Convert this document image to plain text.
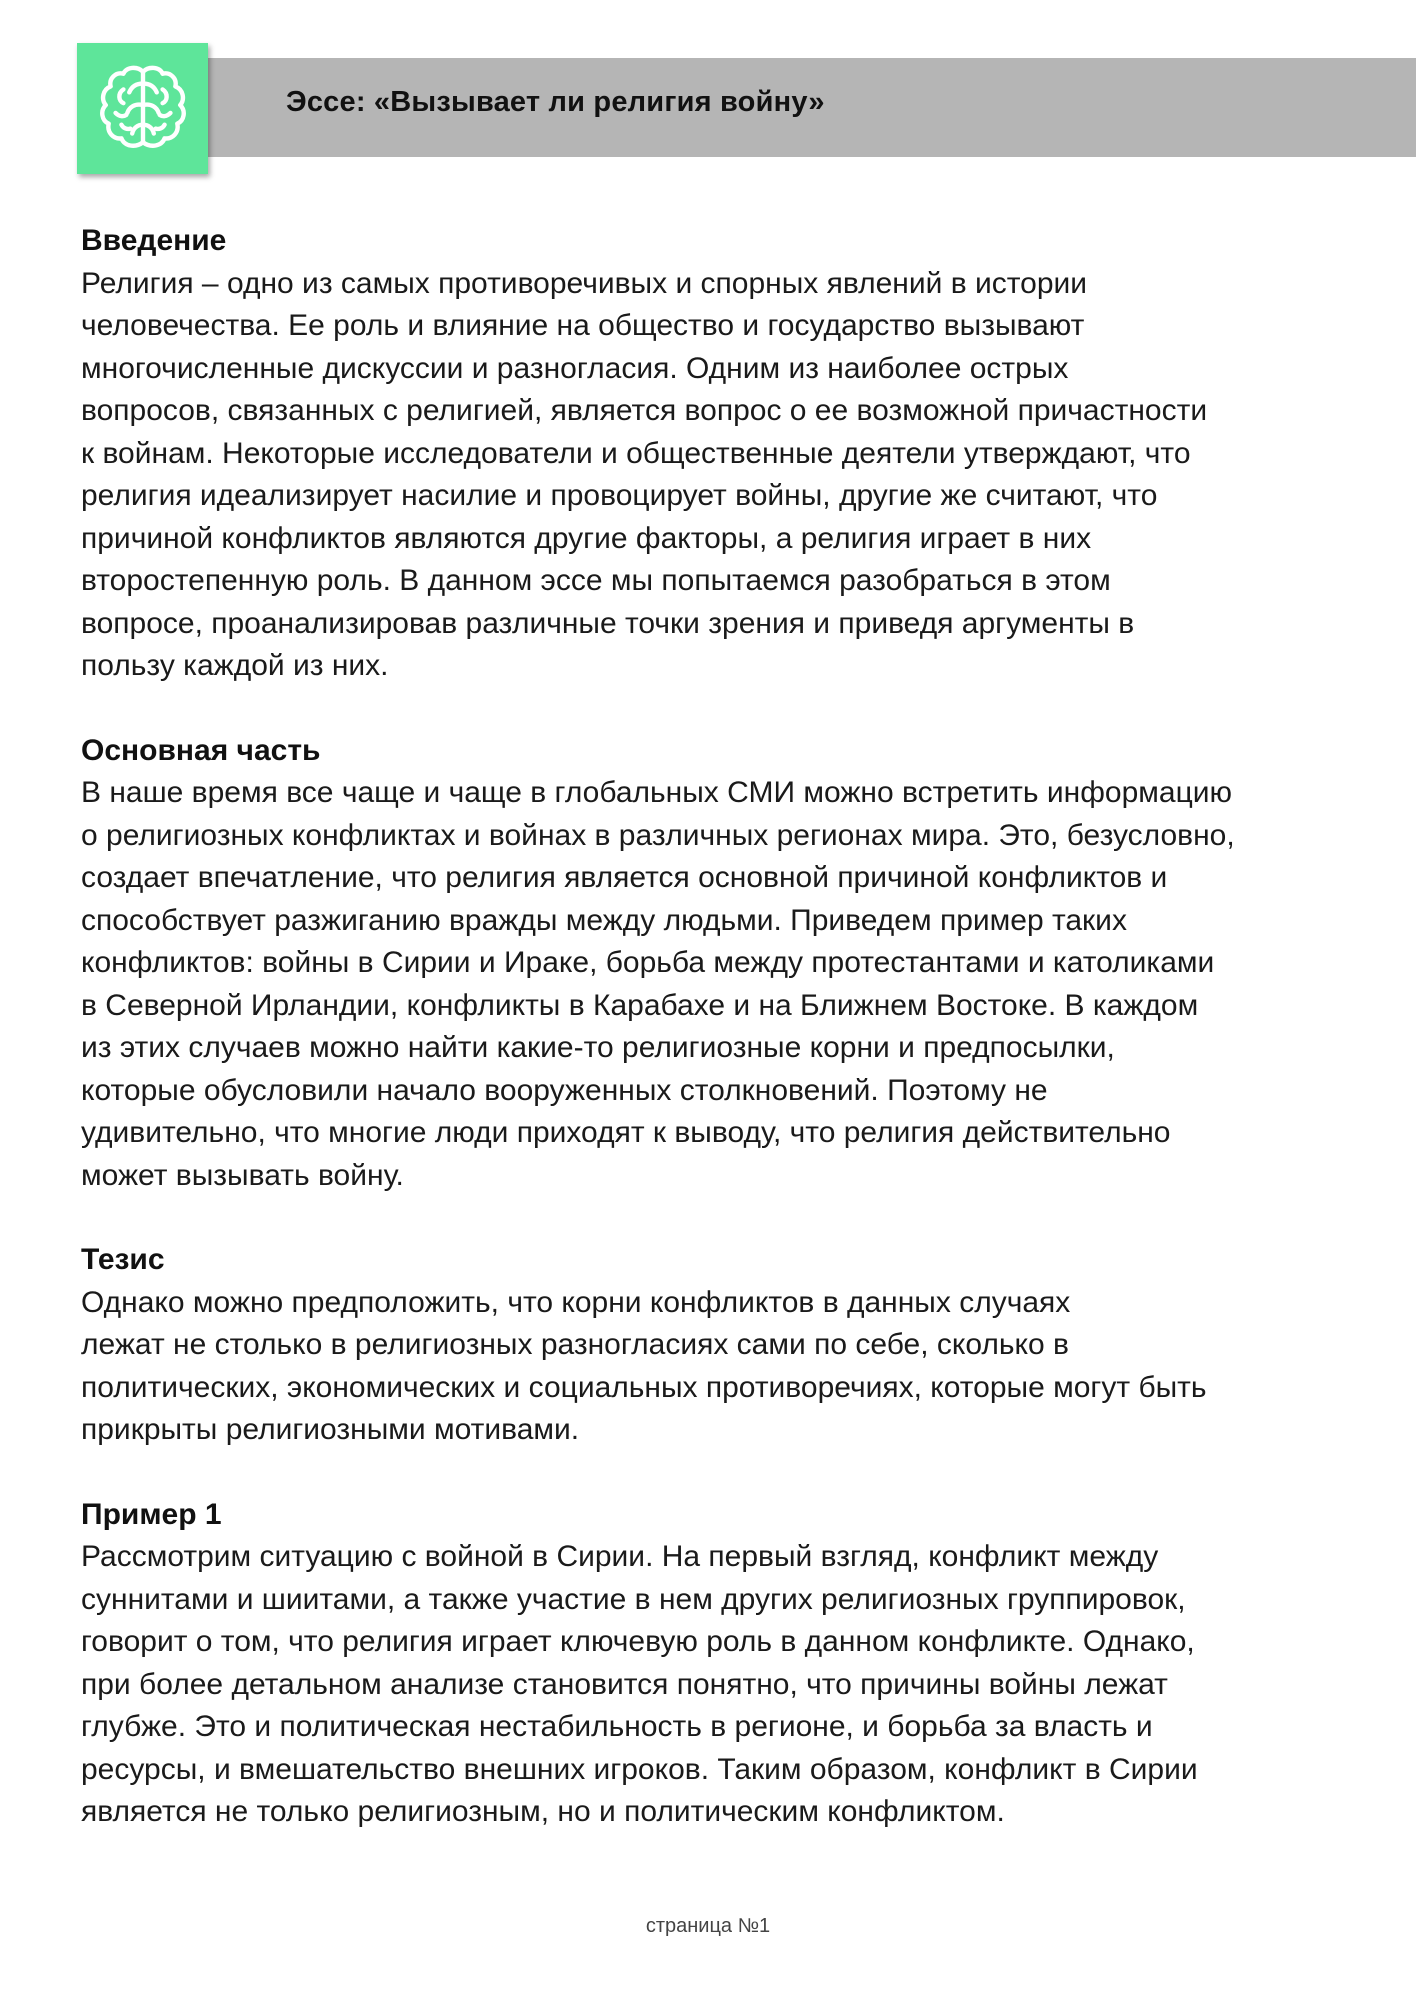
Эссе: «Вызывает ли религия войну»
Введение

Религия – одно из самых противоречивых и спорных явлений в истории
человечества. Ее роль и влияние на общество и государство вызывают
многочисленные дискуссии и разногласия. Одним из наиболее острых
вопросов, связанных с религией, является вопрос о ее возможной причастности
к войнам. Некоторые исследователи и общественные деятели утверждают, что
религия идеализирует насилие и провоцирует войны, другие же считают, что
причиной конфликтов являются другие факторы, а религия играет в них
второстепенную роль. В данном эссе мы попытаемся разобраться в этом
вопросе, проанализировав различные точки зрения и приведя аргументы в
пользу каждой из них.

Основная часть

В наше время все чаще и чаще в глобальных СМИ можно встретить информацию
о религиозных конфликтах и войнах в различных регионах мира. Это, безусловно,
создает впечатление, что религия является основной причиной конфликтов и
способствует разжиганию вражды между людьми. Приведем пример таких
конфликтов: войны в Сирии и Ираке, борьба между протестантами и католиками
в Северной Ирландии, конфликты в Карабахе и на Ближнем Востоке. В каждом
из этих случаев можно найти какие-то религиозные корни и предпосылки,
которые обусловили начало вооруженных столкновений. Поэтому не
удивительно, что многие люди приходят к выводу, что религия действительно
может вызывать войну.

Тезис

Однако можно предположить, что корни конфликтов в данных случаях
лежат не столько в религиозных разногласиях сами по себе, сколько в
политических, экономических и социальных противоречиях, которые могут быть
прикрыты религиозными мотивами.

Пример 1

Рассмотрим ситуацию с войной в Сирии. На первый взгляд, конфликт между
суннитами и шиитами, а также участие в нем других религиозных группировок,
говорит о том, что религия играет ключевую роль в данном конфликте. Однако,
при более детальном анализе становится понятно, что причины войны лежат
глубже. Это и политическая нестабильность в регионе, и борьба за власть и
ресурсы, и вмешательство внешних игроков. Таким образом, конфликт в Сирии
является не только религиозным, но и политическим конфликтом.

страница №1
